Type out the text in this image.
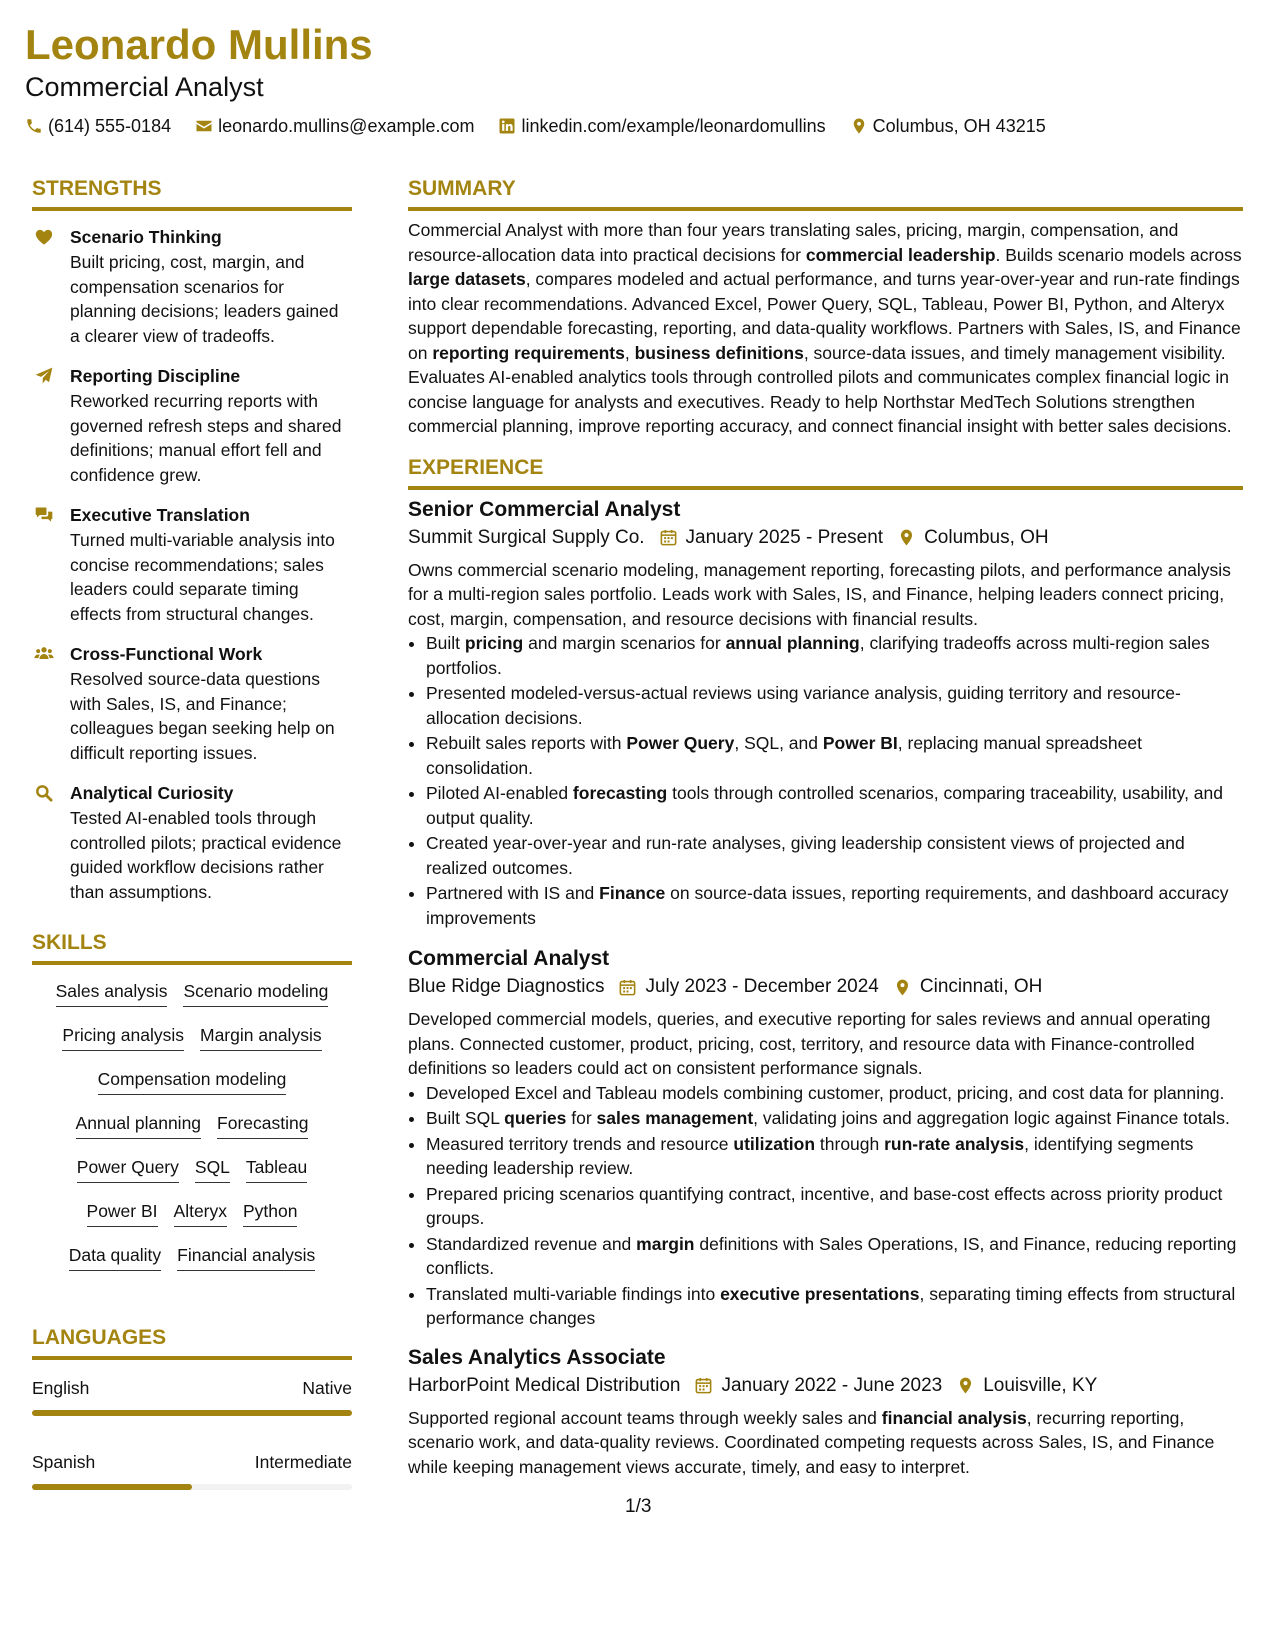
Leonardo Mullins
Commercial Analyst
(614) 555-0184	leonardo.mullins@example.com	linkedin.com/example/leonardomullins	Columbus, OH 43215
STRENGTHS
Scenario Thinking
Built pricing, cost, margin, and compensation scenarios for planning decisions; leaders gained a clearer view of tradeoffs.
Reporting Discipline
Reworked recurring reports with governed refresh steps and shared definitions; manual effort fell and confidence grew.
Executive Translation
Turned multi-variable analysis into concise recommendations; sales leaders could separate timing effects from structural changes.
Cross-Functional Work
Resolved source-data questions with Sales, IS, and Finance; colleagues began seeking help on difficult reporting issues.
Analytical Curiosity
Tested AI-enabled tools through controlled pilots; practical evidence guided workflow decisions rather than assumptions.
SKILLS
Sales analysis Scenario modeling
Pricing analysis Margin analysis
Compensation modeling
Annual planning Forecasting
Power Query SQL Tableau
Power BI Alteryx Python
Data quality Financial analysis
LANGUAGES
English	Native
Spanish	Intermediate
SUMMARY
Commercial Analyst with more than four years translating sales, pricing, margin, compensation, and resource-allocation data into practical decisions for commercial leadership. Builds scenario models across large datasets, compares modeled and actual performance, and turns year-over-year and run-rate findings into clear recommendations. Advanced Excel, Power Query, SQL, Tableau, Power BI, Python, and Alteryx support dependable forecasting, reporting, and data-quality workflows. Partners with Sales, IS, and Finance on reporting requirements, business definitions, source-data issues, and timely management visibility. Evaluates AI-enabled analytics tools through controlled pilots and communicates complex financial logic in concise language for analysts and executives. Ready to help Northstar MedTech Solutions strengthen commercial planning, improve reporting accuracy, and connect financial insight with better sales decisions.
EXPERIENCE
Senior Commercial Analyst
Summit Surgical Supply Co. January 2025 - Present Columbus, OH
Owns commercial scenario modeling, management reporting, forecasting pilots, and performance analysis for a multi-region sales portfolio. Leads work with Sales, IS, and Finance, helping leaders connect pricing, cost, margin, compensation, and resource decisions with financial results.
• Built pricing and margin scenarios for annual planning, clarifying tradeoffs across multi-region sales portfolios.
• Presented modeled-versus-actual reviews using variance analysis, guiding territory and resource-allocation decisions.
• Rebuilt sales reports with Power Query, SQL, and Power BI, replacing manual spreadsheet consolidation.
• Piloted AI-enabled forecasting tools through controlled scenarios, comparing traceability, usability, and output quality.
• Created year-over-year and run-rate analyses, giving leadership consistent views of projected and realized outcomes.
• Partnered with IS and Finance on source-data issues, reporting requirements, and dashboard accuracy improvements
Commercial Analyst
Blue Ridge Diagnostics July 2023 - December 2024 Cincinnati, OH
Developed commercial models, queries, and executive reporting for sales reviews and annual operating plans. Connected customer, product, pricing, cost, territory, and resource data with Finance-controlled definitions so leaders could act on consistent performance signals.
• Developed Excel and Tableau models combining customer, product, pricing, and cost data for planning.
• Built SQL queries for sales management, validating joins and aggregation logic against Finance totals.
• Measured territory trends and resource utilization through run-rate analysis, identifying segments needing leadership review.
• Prepared pricing scenarios quantifying contract, incentive, and base-cost effects across priority product groups.
• Standardized revenue and margin definitions with Sales Operations, IS, and Finance, reducing reporting conflicts.
• Translated multi-variable findings into executive presentations, separating timing effects from structural performance changes
Sales Analytics Associate
HarborPoint Medical Distribution January 2022 - June 2023 Louisville, KY
Supported regional account teams through weekly sales and financial analysis, recurring reporting, scenario work, and data-quality reviews. Coordinated competing requests across Sales, IS, and Finance while keeping management views accurate, timely, and easy to interpret.
1/3
